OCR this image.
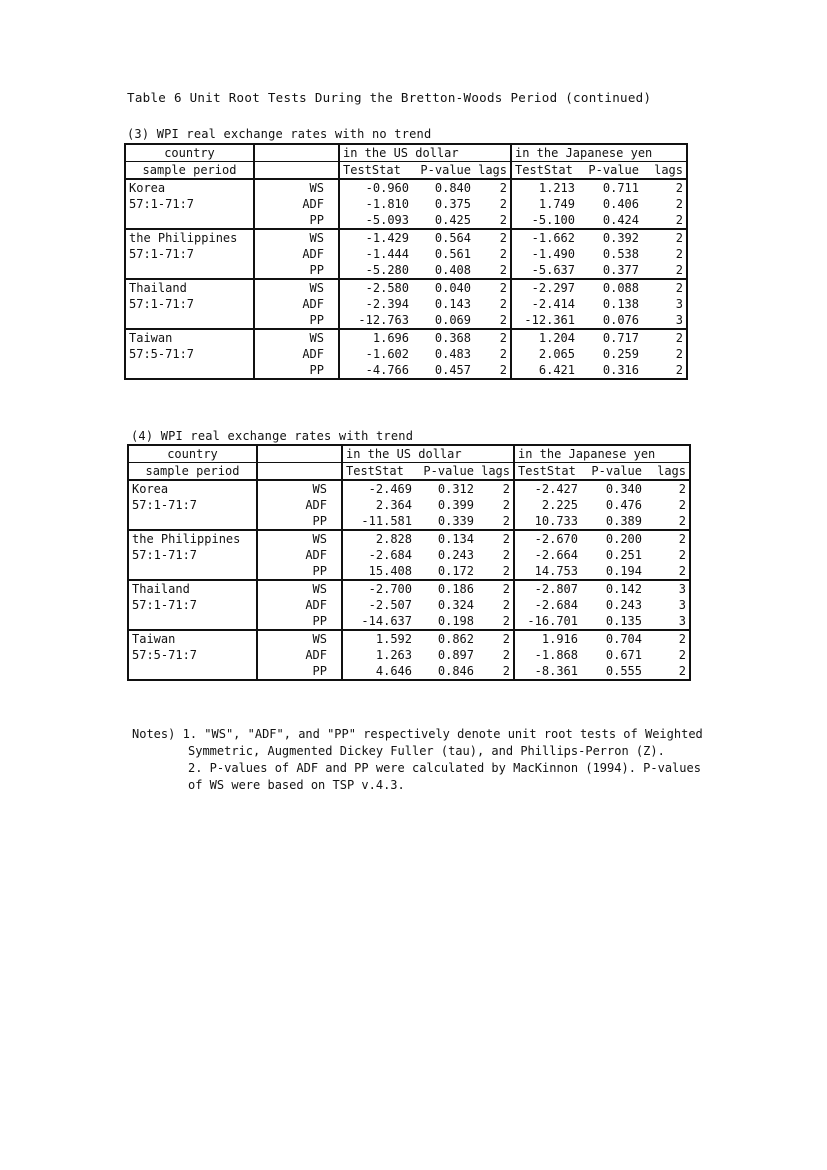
Table 6 Unit Root Tests During the Bretton-Woods Period (continued)
(3) WPI real exchange rates with no trend
country		in the US dollar			in the Japanese yen		
sample period		TestStat	P-value	lags	TestStat	P-value	lags
Korea	WS	-0.960	0.840	2	1.213	0.711	2
57:1-71:7	ADF	-1.810	0.375	2	1.749	0.406	2
	PP	-5.093	0.425	2	-5.100	0.424	2
the Philippines	WS	-1.429	0.564	2	-1.662	0.392	2
57:1-71:7	ADF	-1.444	0.561	2	-1.490	0.538	2
	PP	-5.280	0.408	2	-5.637	0.377	2
Thailand	WS	-2.580	0.040	2	-2.297	0.088	2
57:1-71:7	ADF	-2.394	0.143	2	-2.414	0.138	3
	PP	-12.763	0.069	2	-12.361	0.076	3
Taiwan	WS	1.696	0.368	2	1.204	0.717	2
57:5-71:7	ADF	-1.602	0.483	2	2.065	0.259	2
	PP	-4.766	0.457	2	6.421	0.316	2
(4) WPI real exchange rates with trend
country		in the US dollar			in the Japanese yen		
sample period		TestStat	P-value	lags	TestStat	P-value	lags
Korea	WS	-2.469	0.312	2	-2.427	0.340	2
57:1-71:7	ADF	2.364	0.399	2	2.225	0.476	2
	PP	-11.581	0.339	2	10.733	0.389	2
the Philippines	WS	2.828	0.134	2	-2.670	0.200	2
57:1-71:7	ADF	-2.684	0.243	2	-2.664	0.251	2
	PP	15.408	0.172	2	14.753	0.194	2
Thailand	WS	-2.700	0.186	2	-2.807	0.142	3
57:1-71:7	ADF	-2.507	0.324	2	-2.684	0.243	3
	PP	-14.637	0.198	2	-16.701	0.135	3
Taiwan	WS	1.592	0.862	2	1.916	0.704	2
57:5-71:7	ADF	1.263	0.897	2	-1.868	0.671	2
	PP	4.646	0.846	2	-8.361	0.555	2
Notes) 1. "WS", "ADF", and "PP" respectively denote unit root tests of Weighted
Symmetric, Augmented Dickey Fuller (tau), and Phillips-Perron (Z).
2. P-values of ADF and PP were calculated by MacKinnon (1994). P-values
of WS were based on TSP v.4.3.
